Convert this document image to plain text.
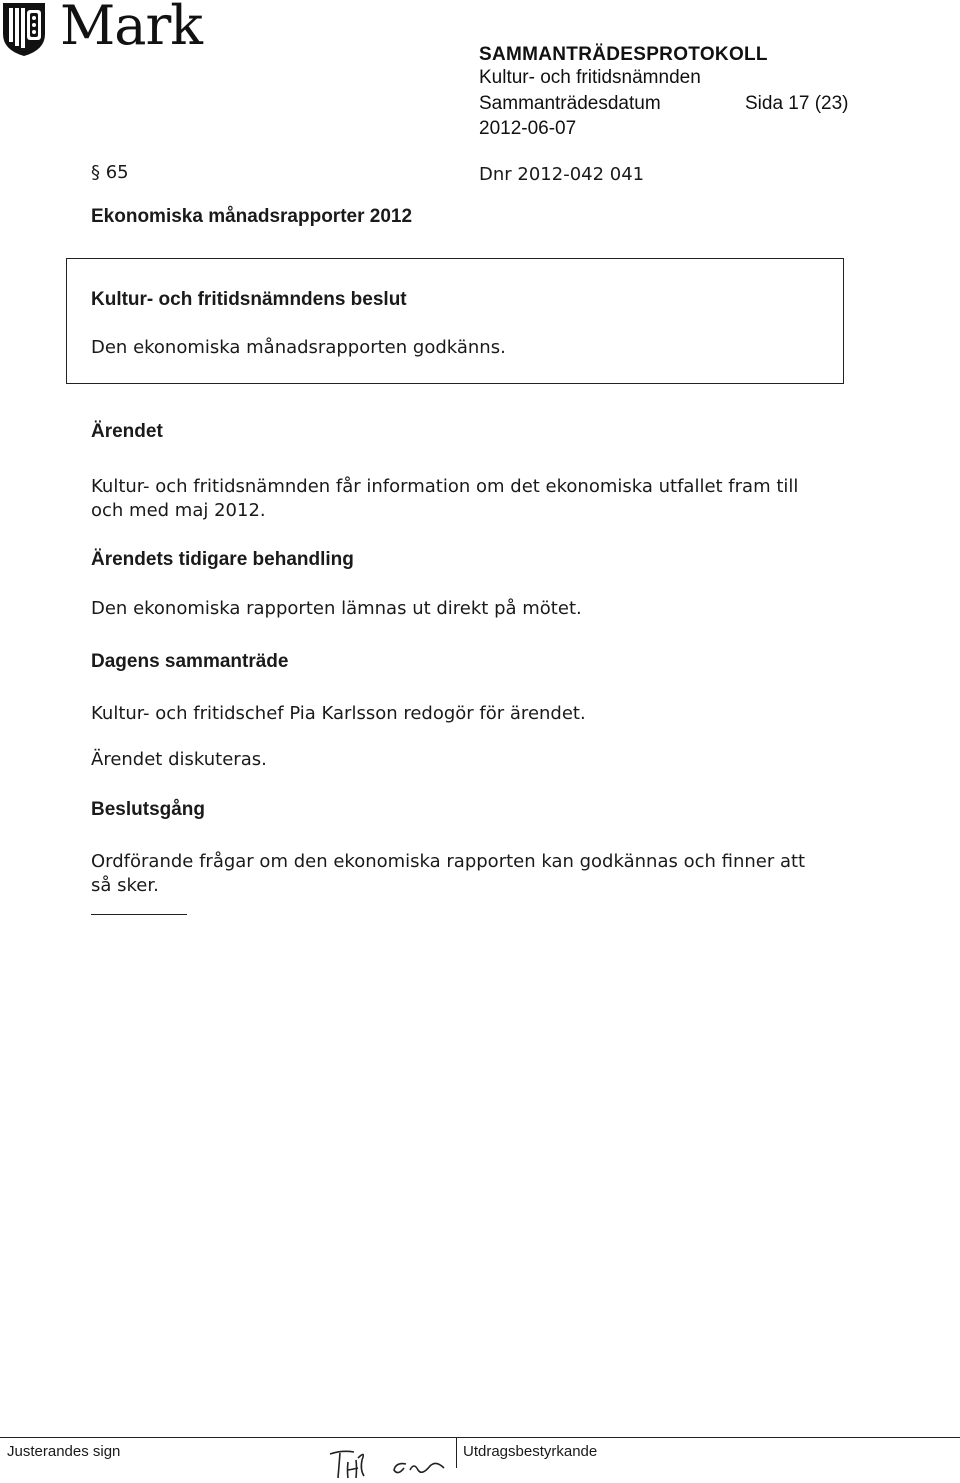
Mark	SAMMANTRÄDESPROTOKOLL
Kultur- och fritidsnämnden
Sammanträdesdatum	Sida 17 (23)
2012-06-07
§ 65	Dnr 2012-042 041
Ekonomiska månadsrapporter 2012
Kultur- och fritidsnämndens beslut
Den ekonomiska månadsrapporten godkänns.
Ärendet
Kultur- och fritidsnämnden får information om det ekonomiska utfallet fram till och med maj 2012.
Ärendets tidigare behandling
Den ekonomiska rapporten lämnas ut direkt på mötet.
Dagens sammanträde
Kultur- och fritidschef Pia Karlsson redogör för ärendet.
Ärendet diskuteras.
Beslutsgång
Ordförande frågar om den ekonomiska rapporten kan godkännas och finner att så sker.
Justerandes sign	Utdragsbestyrkande
